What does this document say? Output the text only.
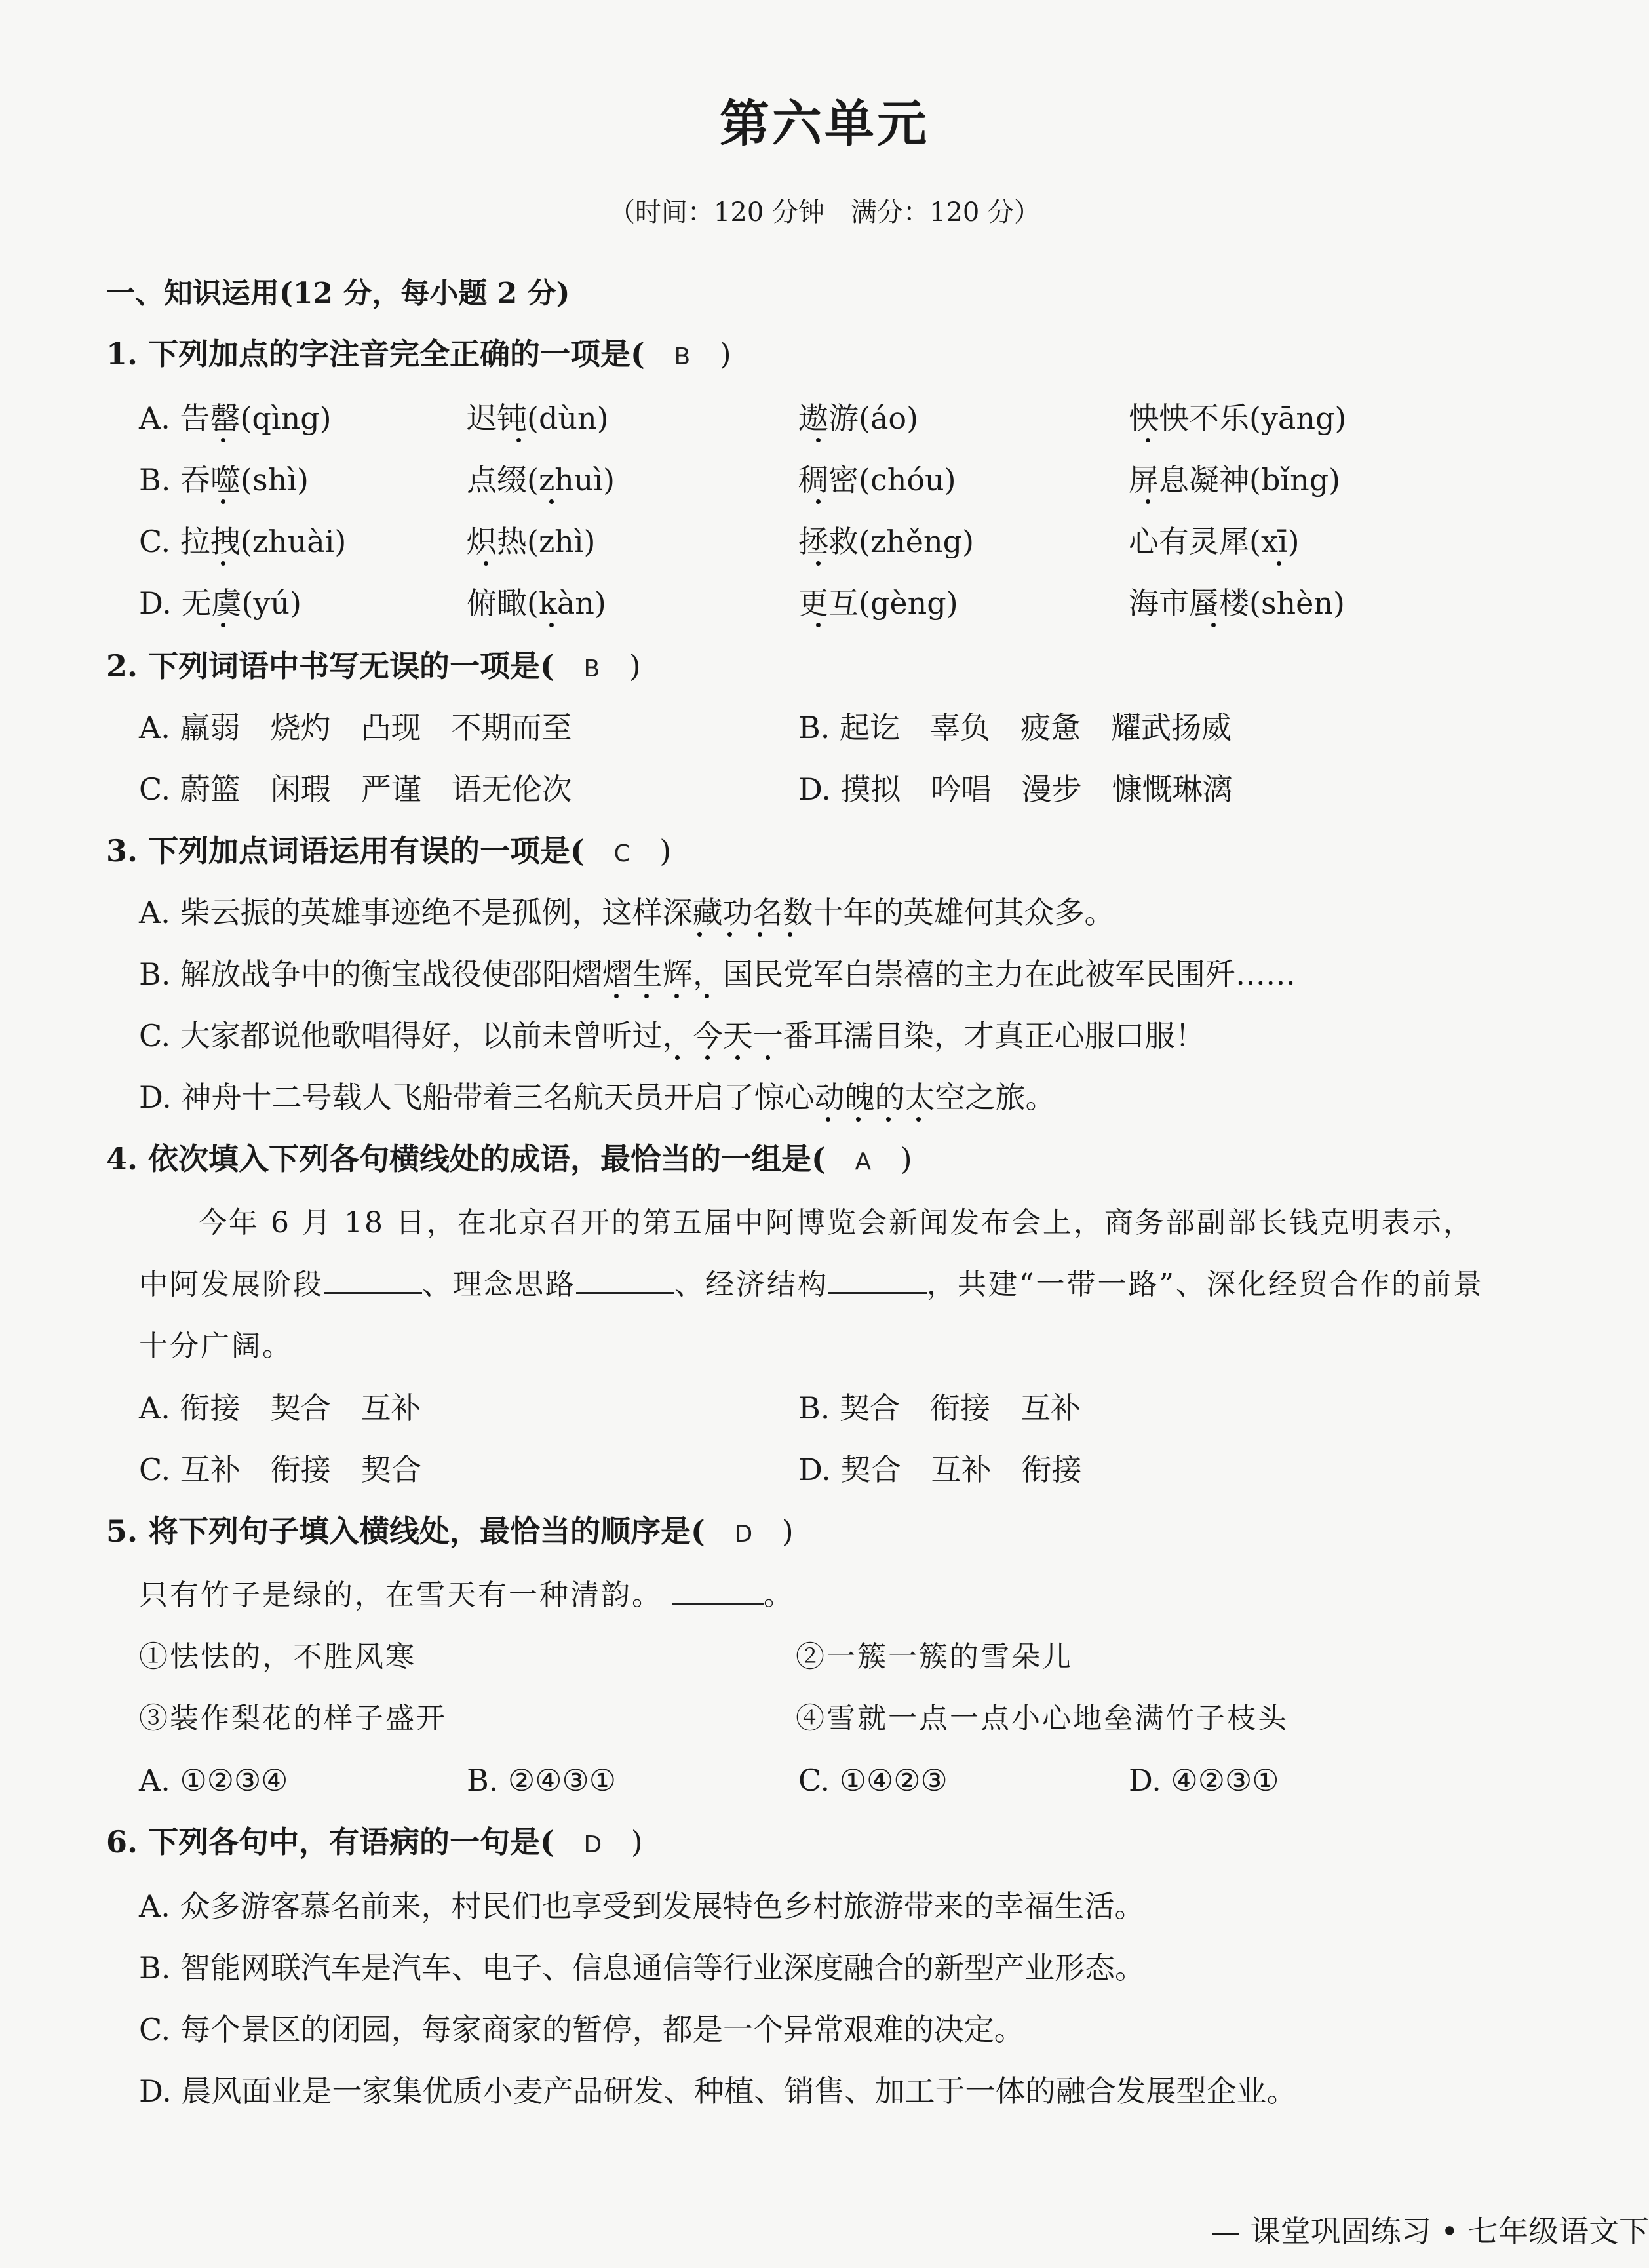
第六单元
（时间：120 分钟　满分：120 分）
一、知识运用(12 分，每小题 2 分)
1. 下列加点的字注音完全正确的一项是( B )
A. 告罄(qìng)	迟钝(dùn)	遨游(áo)	怏怏不乐(yāng)
B. 吞噬(shì)	点缀(zhuì)	稠密(chóu)	屏息凝神(bǐng)
C. 拉拽(zhuài)	炽热(zhì)	拯救(zhěng)	心有灵犀(xī)
D. 无虞(yú)	俯瞰(kàn)	更互(gèng)	海市蜃楼(shèn)
2. 下列词语中书写无误的一项是( B )
A. 羸弱　烧灼　凸现　不期而至	B. 起讫　辜负　疲惫　耀武扬威
C. 蔚篮　闲瑕　严谨　语无伦次	D. 摸拟　吟唱　漫步　慷慨琳漓
3. 下列加点词语运用有误的一项是( C )
A. 柴云振的英雄事迹绝不是孤例，这样深藏功名数十年的英雄何其众多。
B. 解放战争中的衡宝战役使邵阳熠熠生辉，国民党军白崇禧的主力在此被军民围歼……
C. 大家都说他歌唱得好，以前未曾听过，今天一番耳濡目染，才真正心服口服！
D. 神舟十二号载人飞船带着三名航天员开启了惊心动魄的太空之旅。
4. 依次填入下列各句横线处的成语，最恰当的一组是( A )
今年 6 月 18 日，在北京召开的第五届中阿博览会新闻发布会上，商务部副部长钱克明表示，
中阿发展阶段	、理念思路	、经济结构	，共建“一带一路”、深化经贸合作的前景
十分广阔。
A. 衔接　契合　互补	B. 契合　衔接　互补
C. 互补　衔接　契合	D. 契合　互补　衔接
5. 将下列句子填入横线处，最恰当的顺序是( D )
只有竹子是绿的，在雪天有一种清韵。	。
①怯怯的，不胜风寒	②一簇一簇的雪朵儿
③装作梨花的样子盛开	④雪就一点一点小心地垒满竹子枝头
A. ①②③④	B. ②④③①	C. ①④②③	D. ④②③①
6. 下列各句中，有语病的一句是( D )
A. 众多游客慕名前来，村民们也享受到发展特色乡村旅游带来的幸福生活。
B. 智能网联汽车是汽车、电子、信息通信等行业深度融合的新型产业形态。
C. 每个景区的闭园，每家商家的暂停，都是一个异常艰难的决定。
D. 晨风面业是一家集优质小麦产品研发、种植、销售、加工于一体的融合发展型企业。
— 课堂巩固练习 • 七年级语文下
